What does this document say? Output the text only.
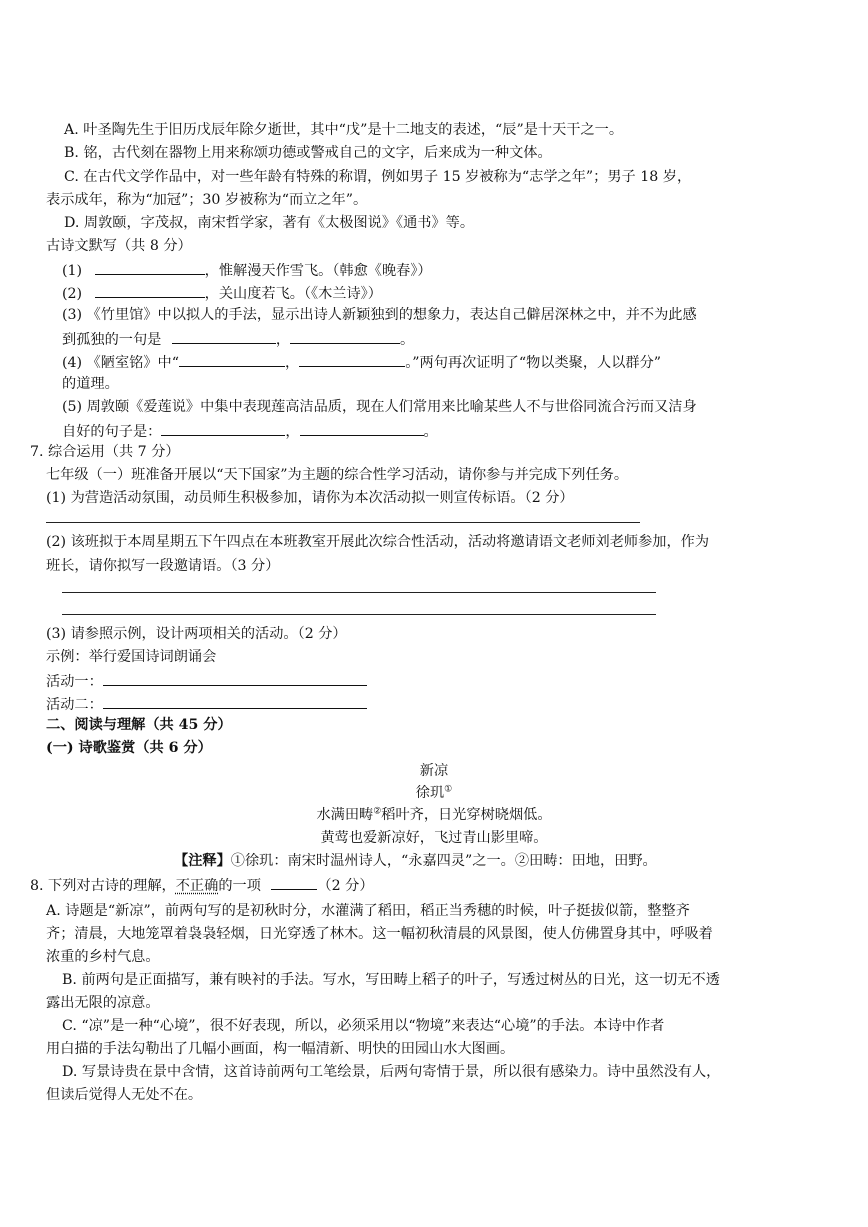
A. 叶圣陶先生于旧历戊辰年除夕逝世，其中“戊”是十二地支的表述，“辰”是十天干之一。
B. 铭，古代刻在器物上用来称颂功德或警戒自己的文字，后来成为一种文体。
C. 在古代文学作品中，对一些年龄有特殊的称谓，例如男子 15 岁被称为“志学之年”；男子 18 岁，
表示成年，称为“加冠”；30 岁被称为“而立之年”。
D. 周敦颐，字茂叔，南宋哲学家，著有《太极图说》《通书》等。
古诗文默写（共 8 分）
(1)	，惟解漫天作雪飞。（韩愈《晚春》）
(2)	，关山度若飞。（《木兰诗》）
(3) 《竹里馆》中以拟人的手法，显示出诗人新颖独到的想象力，表达自己僻居深林之中，并不为此感
到孤独的一句是	，	。
(4) 《陋室铭》中“	，	。”两句再次证明了“物以类聚，人以群分”
的道理。
(5) 周敦颐《爱莲说》中集中表现莲高洁品质，现在人们常用来比喻某些人不与世俗同流合污而又洁身
自好的句子是：	，	。
7. 综合运用（共 7 分）
七年级（一）班准备开展以“天下国家”为主题的综合性学习活动，请你参与并完成下列任务。
(1) 为营造活动氛围，动员师生积极参加，请你为本次活动拟一则宣传标语。（2 分）
(2) 该班拟于本周星期五下午四点在本班教室开展此次综合性活动，活动将邀请语文老师刘老师参加，作为
班长，请你拟写一段邀请语。（3 分）
(3) 请参照示例，设计两项相关的活动。（2 分）
示例：举行爱国诗词朗诵会
活动一：
活动二：
二、阅读与理解（共 45 分）
(一) 诗歌鉴赏（共 6 分）
新凉
徐玑①
水满田畴②稻叶齐，日光穿树晓烟低。
黄莺也爱新凉好，飞过青山影里啼。
【注释】①徐玑：南宋时温州诗人，“永嘉四灵”之一。②田畴：田地，田野。
8. 下列对古诗的理解，不正确的一项	（2 分）
A. 诗题是“新凉”，前两句写的是初秋时分，水灌满了稻田，稻正当秀穗的时候，叶子挺拔似箭，整整齐
齐；清晨，大地笼罩着袅袅轻烟，日光穿透了林木。这一幅初秋清晨的风景图，使人仿佛置身其中，呼吸着
浓重的乡村气息。
B. 前两句是正面描写，兼有映衬的手法。写水，写田畴上稻子的叶子，写透过树丛的日光，这一切无不透
露出无限的凉意。
C. “凉”是一种“心境”，很不好表现，所以，必须采用以“物境”来表达“心境”的手法。本诗中作者
用白描的手法勾勒出了几幅小画面，构一幅清新、明快的田园山水大图画。
D. 写景诗贵在景中含情，这首诗前两句工笔绘景，后两句寄情于景，所以很有感染力。诗中虽然没有人，
但读后觉得人无处不在。
